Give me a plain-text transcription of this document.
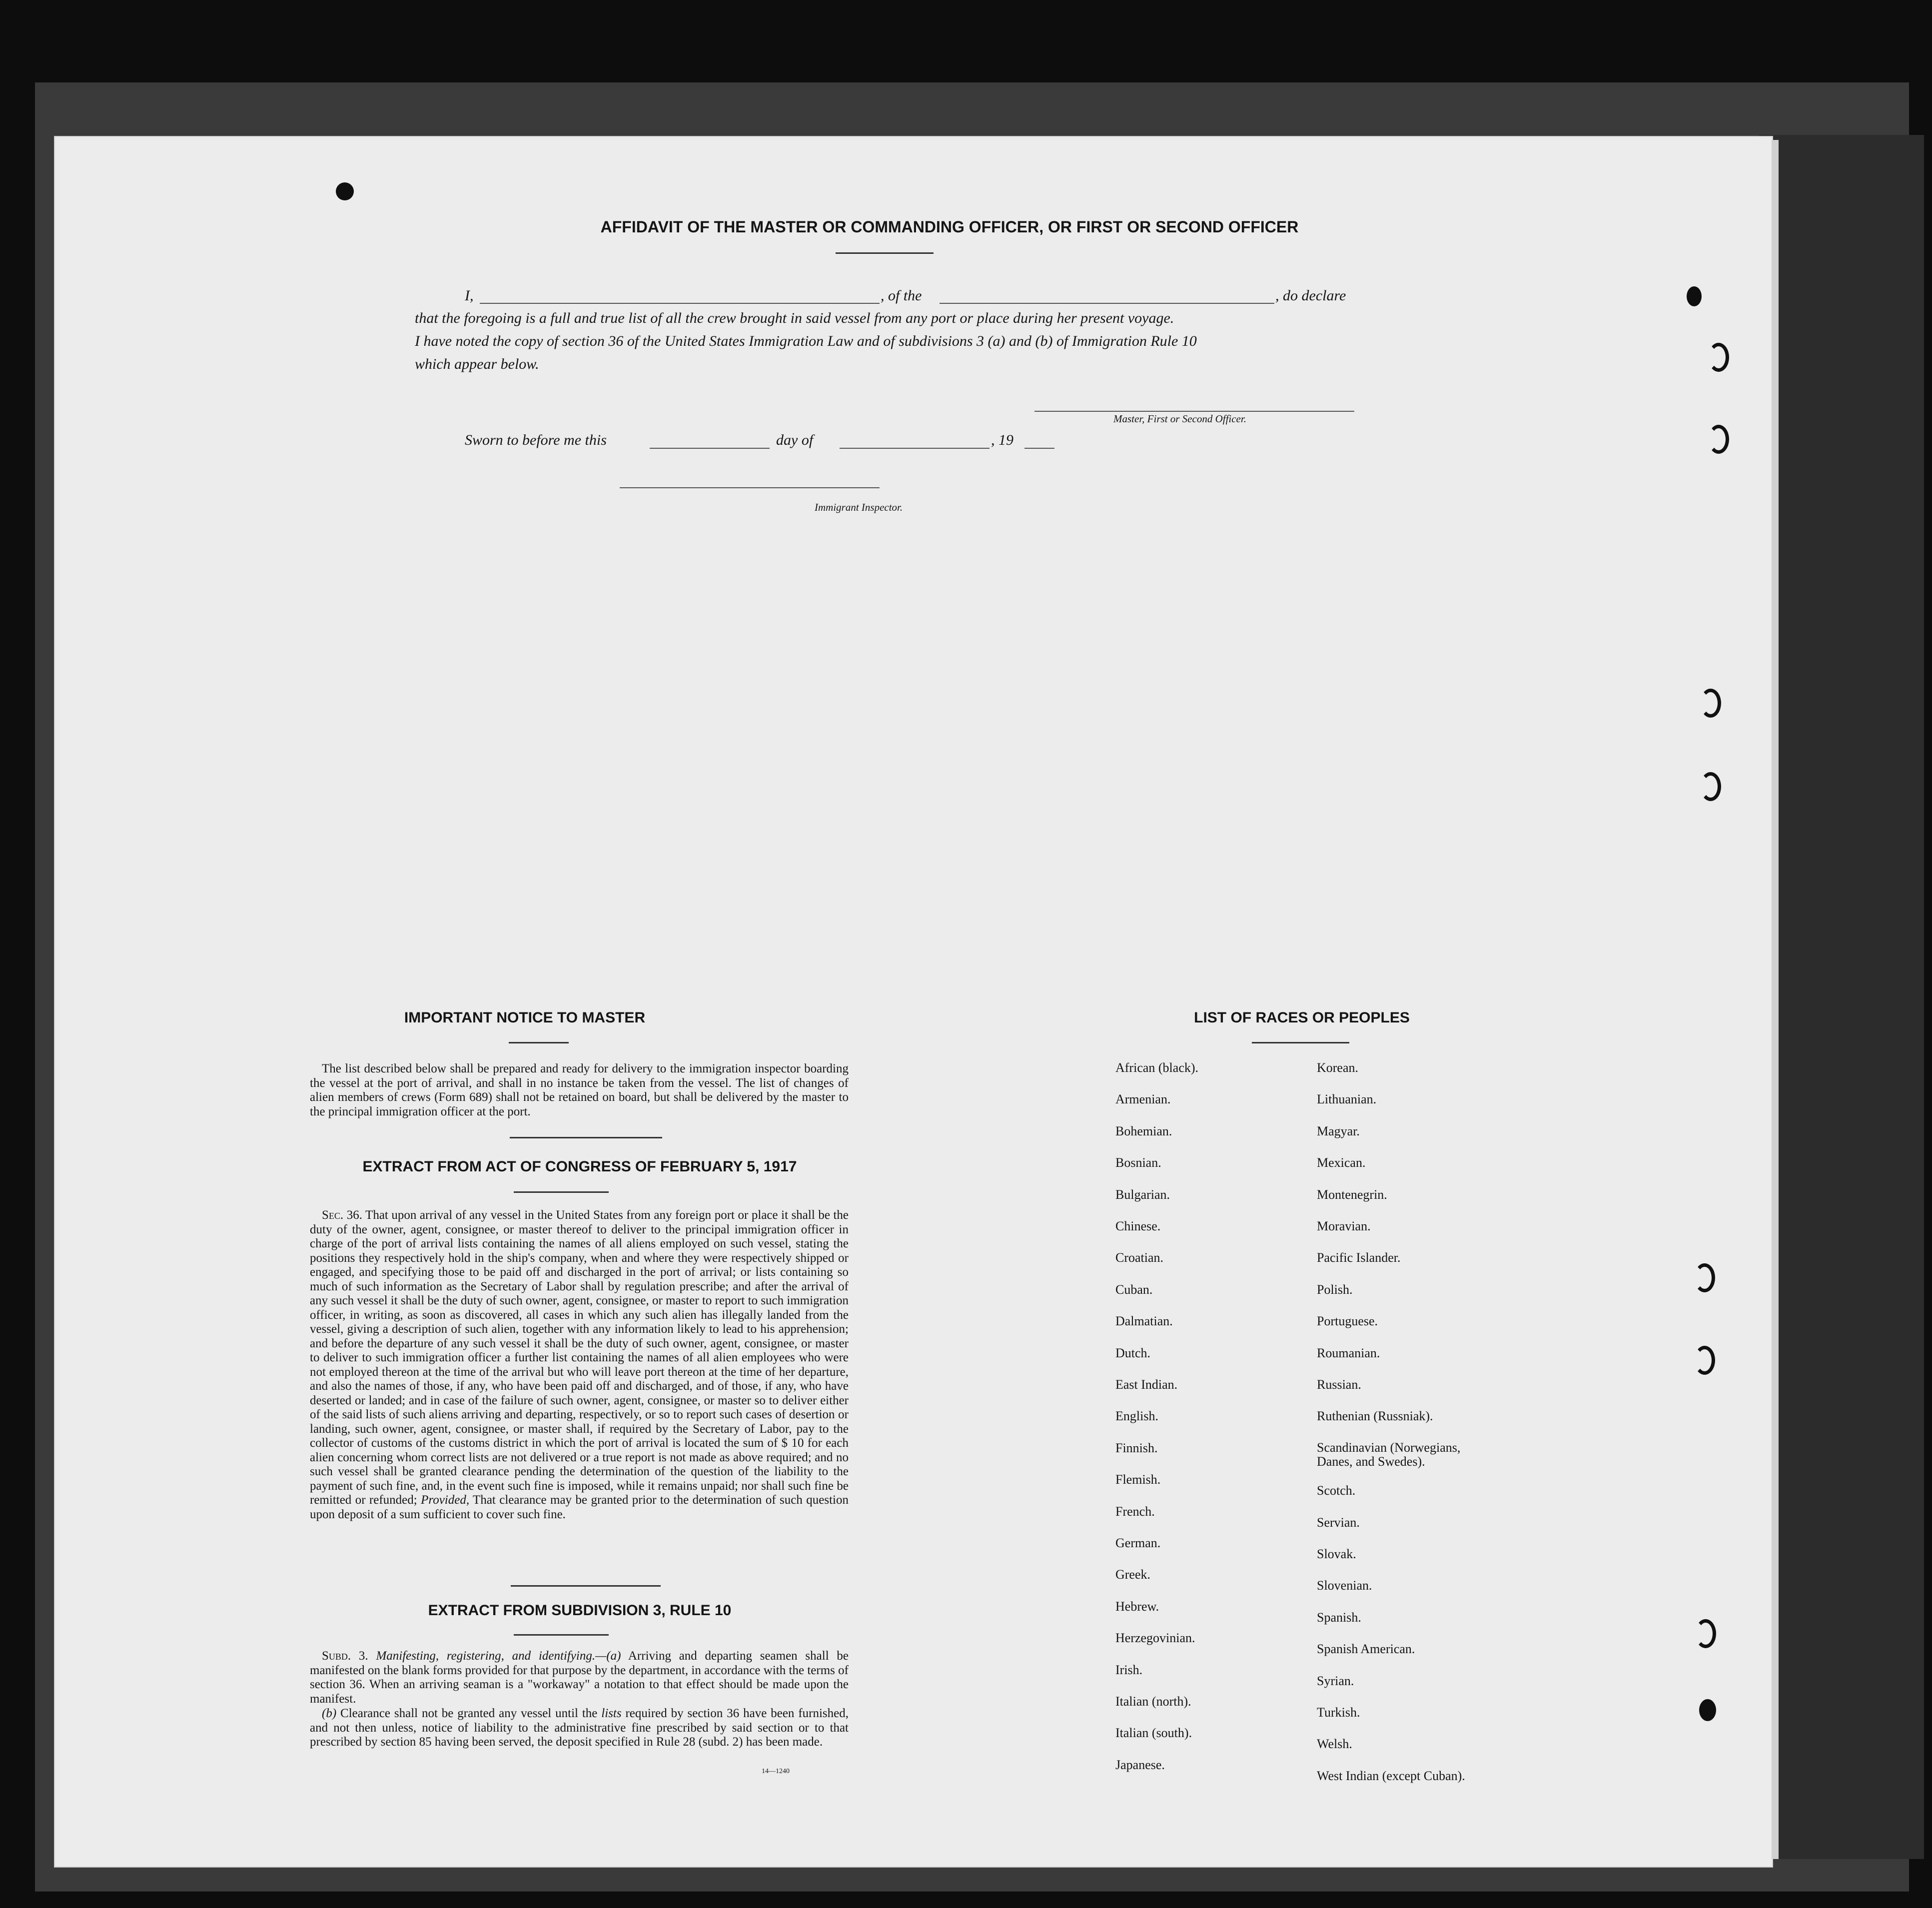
AFFIDAVIT OF THE MASTER OR COMMANDING OFFICER, OR FIRST OR SECOND OFFICER
I,	, of the	, do declare
that the foregoing is a full and true list of all the crew brought in said vessel from any port or place during her present voyage.
I have noted the copy of section 36 of the United States Immigration Law and of subdivisions 3 (a) and (b) of Immigration Rule 10
which appear below.
Master, First or Second Officer.
Sworn to before me this	day of	, 19
Immigrant Inspector.
IMPORTANT NOTICE TO MASTER
The list described below shall be prepared and ready for delivery to the immigration inspector boarding the vessel at the port of arrival, and shall in no instance be taken from the vessel. The list of changes of alien members of crews (Form 689) shall not be retained on board, but shall be delivered by the master to the principal immigration officer at the port.
EXTRACT FROM ACT OF CONGRESS OF FEBRUARY 5, 1917
Sec. 36. That upon arrival of any vessel in the United States from any foreign port or place it shall be the duty of the owner, agent, consignee, or master thereof to deliver to the principal immigration officer in charge of the port of arrival lists containing the names of all aliens employed on such vessel, stating the positions they respectively hold in the ship's company, when and where they were respectively shipped or engaged, and specifying those to be paid off and discharged in the port of arrival; or lists containing so much of such information as the Secretary of Labor shall by regulation prescribe; and after the arrival of any such vessel it shall be the duty of such owner, agent, consignee, or master to report to such immigration officer, in writing, as soon as discovered, all cases in which any such alien has illegally landed from the vessel, giving a description of such alien, together with any information likely to lead to his apprehension; and before the departure of any such vessel it shall be the duty of such owner, agent, consignee, or master to deliver to such immigration officer a further list containing the names of all alien employees who were not employed thereon at the time of the arrival but who will leave port thereon at the time of her departure, and also the names of those, if any, who have been paid off and discharged, and of those, if any, who have deserted or landed; and in case of the failure of such owner, agent, consignee, or master so to deliver either of the said lists of such aliens arriving and departing, respectively, or so to report such cases of desertion or landing, such owner, agent, consignee, or master shall, if required by the Secretary of Labor, pay to the collector of customs of the customs district in which the port of arrival is located the sum of $ 10 for each alien concerning whom correct lists are not delivered or a true report is not made as above required; and no such vessel shall be granted clearance pending the determination of the question of the liability to the payment of such fine, and, in the event such fine is imposed, while it remains unpaid; nor shall such fine be remitted or refunded; Provided, That clearance may be granted prior to the determination of such question upon deposit of a sum sufficient to cover such fine.
EXTRACT FROM SUBDIVISION 3, RULE 10
Subd. 3. Manifesting, registering, and identifying.—(a) Arriving and departing seamen shall be manifested on the blank forms provided for that purpose by the department, in accordance with the terms of section 36. When an arriving seaman is a "workaway" a notation to that effect should be made upon the manifest.
(b) Clearance shall not be granted any vessel until the lists required by section 36 have been furnished, and not then unless, notice of liability to the administrative fine prescribed by said section or to that prescribed by section 85 having been served, the deposit specified in Rule 28 (subd. 2) has been made.
14—1240
LIST OF RACES OR PEOPLES
African (black).
Armenian.
Bohemian.
Bosnian.
Bulgarian.
Chinese.
Croatian.
Cuban.
Dalmatian.
Dutch.
East Indian.
English.
Finnish.
Flemish.
French.
German.
Greek.
Hebrew.
Herzegovinian.
Irish.
Italian (north).
Italian (south).
Japanese.
Korean.
Lithuanian.
Magyar.
Mexican.
Montenegrin.
Moravian.
Pacific Islander.
Polish.
Portuguese.
Roumanian.
Russian.
Ruthenian (Russniak).
Scandinavian (Norwegians, Danes, and Swedes).
Scotch.
Servian.
Slovak.
Slovenian.
Spanish.
Spanish American.
Syrian.
Turkish.
Welsh.
West Indian (except Cuban).
